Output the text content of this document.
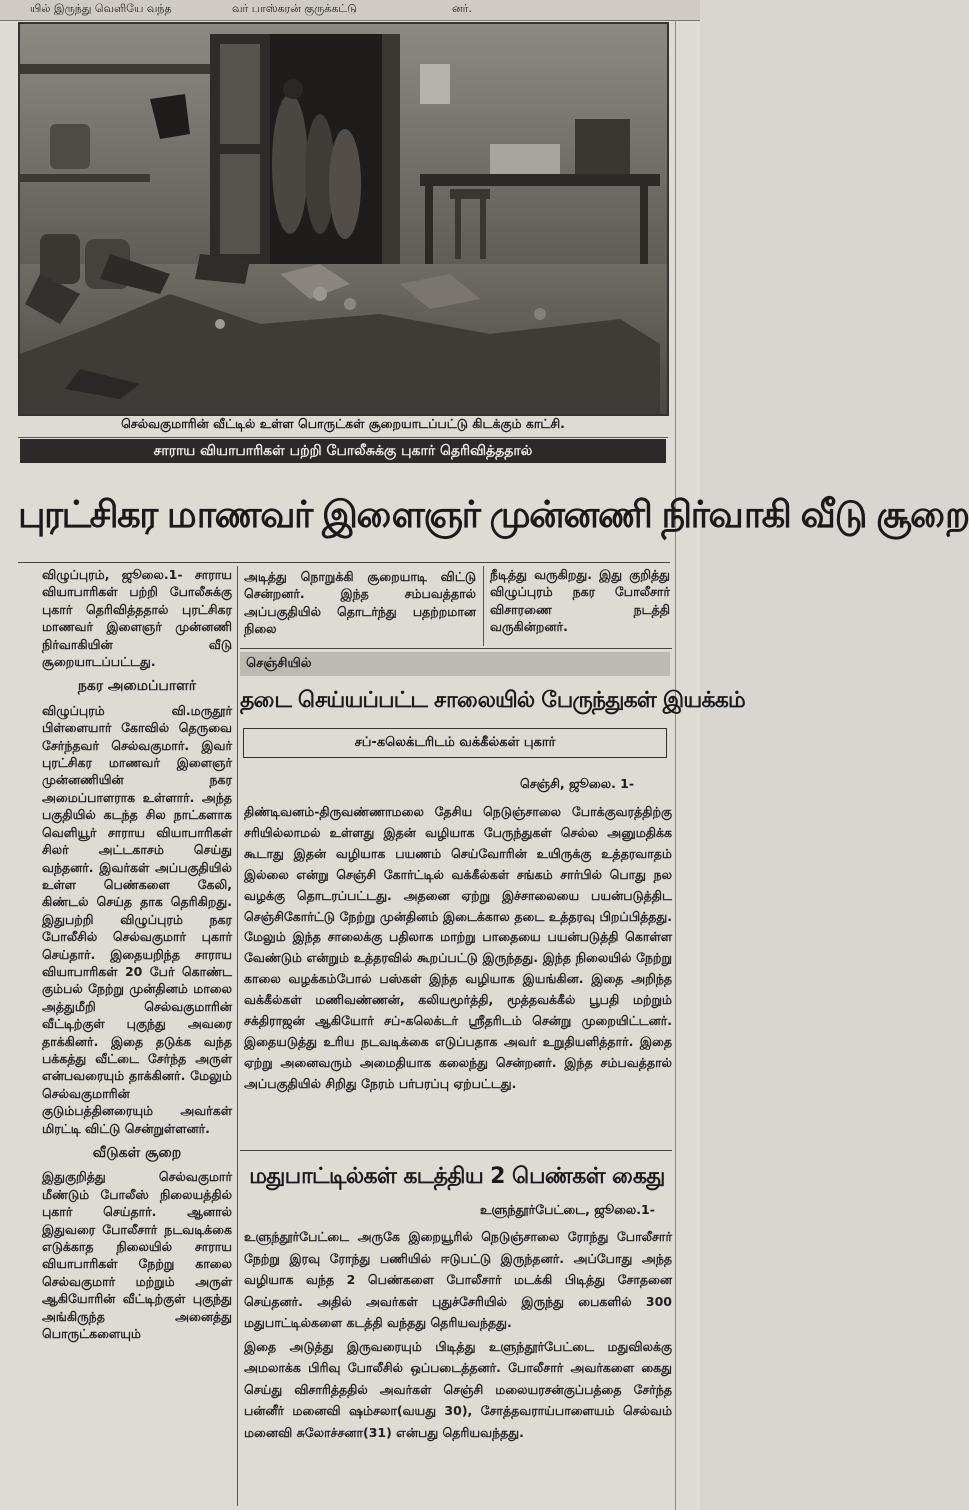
யில் இருந்து வெளியே வந்த	வர் பாஸ்கரன் குருக்கட்டு	னர்.
செல்வகுமாரின் வீட்டில் உள்ள பொருட்கள் சூறையாடப்பட்டு கிடக்கும் காட்சி.
சாராய வியாபாரிகள் பற்றி போலீசுக்கு புகார் தெரிவித்ததால்
புரட்சிகர மாணவர் இளைஞர் முன்னணி நிர்வாகி வீடு சூறை

விழுப்புரம், ஜூலை.1- சாராய வியாபாரிகள் பற்றி போலீசுக்கு புகார் தெரிவித்ததால் புரட்சிகர மாணவர் இளைஞர் முன்னணி நிர்வாகியின் வீடு சூறையாடப்பட்டது.

நகர அமைப்பாளர்

விழுப்புரம் வி.மருதூர் பிள்ளையார் கோவில் தெருவை சேர்ந்தவர் செல்வகுமார். இவர் புரட்சிகர மாணவர் இளைஞர் முன்னணியின் நகர அமைப்பாளராக உள்ளார். அந்த பகுதியில் கடந்த சில நாட்களாக வெளியூர் சாராய வியாபாரிகள் சிலர் அட்டகாசம் செய்து வந்தனர். இவர்கள் அப்பகுதியில் உள்ள பெண்களை கேலி, கிண்டல் செய்த தாக தெரிகிறது. இதுபற்றி விழுப்புரம் நகர போலீசில் செல்வகுமார் புகார் செய்தார். இதையறிந்த சாராய வியாபாரிகள் 20 பேர் கொண்ட கும்பல் நேற்று முன்தினம் மாலை அத்துமீறி செல்வகுமாரின் வீட்டிற்குள் புகுந்து அவரை தாக்கினர். இதை தடுக்க வந்த பக்கத்து வீட்டை சேர்ந்த அருள் என்பவரையும் தாக்கினர். மேலும் செல்வகுமாரின் குடும்பத்தினரையும் அவர்கள் மிரட்டி விட்டு சென்றுள்ளனர்.

வீடுகள் சூறை

இதுகுறித்து செல்வகுமார் மீண்டும் போலீஸ் நிலையத்தில் புகார் செய்தார். ஆனால் இதுவரை போலீசார் நடவடிக்கை எடுக்காத நிலையில் சாராய வியாபாரிகள் நேற்று காலை செல்வகுமார் மற்றும் அருள் ஆகியோரின் வீட்டிற்குள் புகுந்து அங்கிருந்த அனைத்து பொருட்களையும்

அடித்து நொறுக்கி சூறையாடி விட்டு சென்றனர். இந்த சம்பவத்தால் அப்பகுதியில் தொடர்ந்து பதற்றமான நிலை
நீடித்து வருகிறது. இது குறித்து விழுப்புரம் நகர போலீசார் விசாரணை நடத்தி வருகின்றனர்.
செஞ்சியில்
தடை செய்யப்பட்ட சாலையில் பேருந்துகள் இயக்கம்
சப்-கலெக்டரிடம் வக்கீல்கள் புகார்
செஞ்சி, ஜூலை. 1-
திண்டிவனம்-திருவண்ணாமலை தேசிய நெடுஞ்சாலை போக்குவரத்திற்கு சரியில்லாமல் உள்ளது இதன் வழியாக பேருந்துகள் செல்ல அனுமதிக்க கூடாது இதன் வழியாக பயணம் செய்வோரின் உயிருக்கு உத்தரவாதம் இல்லை என்று செஞ்சி கோர்ட்டில் வக்கீல்கள் சங்கம் சார்பில் பொது நல வழக்கு தொடரப்பட்டது. அதனை ஏற்று இச்சாலையை பயன்படுத்திட செஞ்சிகோர்ட்டு நேற்று முன்தினம் இடைக்கால தடை உத்தரவு பிறப்பித்தது. மேலும் இந்த சாலைக்கு பதிலாக மாற்று பாதையை பயன்படுத்தி கொள்ள வேண்டும் என்றும் உத்தரவில் கூறப்பட்டு இருந்தது. இந்த நிலையில் நேற்று காலை வழக்கம்போல் பஸ்கள் இந்த வழியாக இயங்கின. இதை அறிந்த வக்கீல்கள் மணிவண்ணன், கலியமூர்த்தி, மூத்தவக்கீல் பூபதி மற்றும் சக்திராஜன் ஆகியோர் சப்-கலெக்டர் ஸ்ரீதரிடம் சென்று முறையிட்டனர். இதையடுத்து உரிய நடவடிக்கை எடுப்பதாக அவர் உறுதியளித்தார். இதை ஏற்று அனைவரும் அமைதியாக கலைந்து சென்றனர். இந்த சம்பவத்தால் அப்பகுதியில் சிறிது நேரம் பர்பரப்பு ஏற்பட்டது.
மதுபாட்டில்கள் கடத்திய 2 பெண்கள் கைது
உளுந்தூர்பேட்டை, ஜூலை.1-

உளுந்தூர்பேட்டை அருகே இறையூரில் நெடுஞ்சாலை ரோந்து போலீசார் நேற்று இரவு ரோந்து பணியில் ஈடுபட்டு இருந்தனர். அப்போது அந்த வழியாக வந்த 2 பெண்களை போலீசார் மடக்கி பிடித்து சோதனை செய்தனர். அதில் அவர்கள் புதுச்சேரியில் இருந்து பைகளில் 300 மதுபாட்டில்களை கடத்தி வந்தது தெரியவந்தது.

இதை அடுத்து இருவரையும் பிடித்து உளுந்தூர்பேட்டை மதுவிலக்கு அமலாக்க பிரிவு போலீசில் ஒப்படைத்தனர். போலீசார் அவர்களை கைது செய்து விசாரித்ததில் அவர்கள் செஞ்சி மலையரசன்குப்பத்தை சேர்ந்த பன்னீர் மனைவி ஷம்சலா(வயது 30), சோத்தவராய்பாளையம் செல்வம் மனைவி சுலோச்சனா(31) என்பது தெரியவந்தது.
